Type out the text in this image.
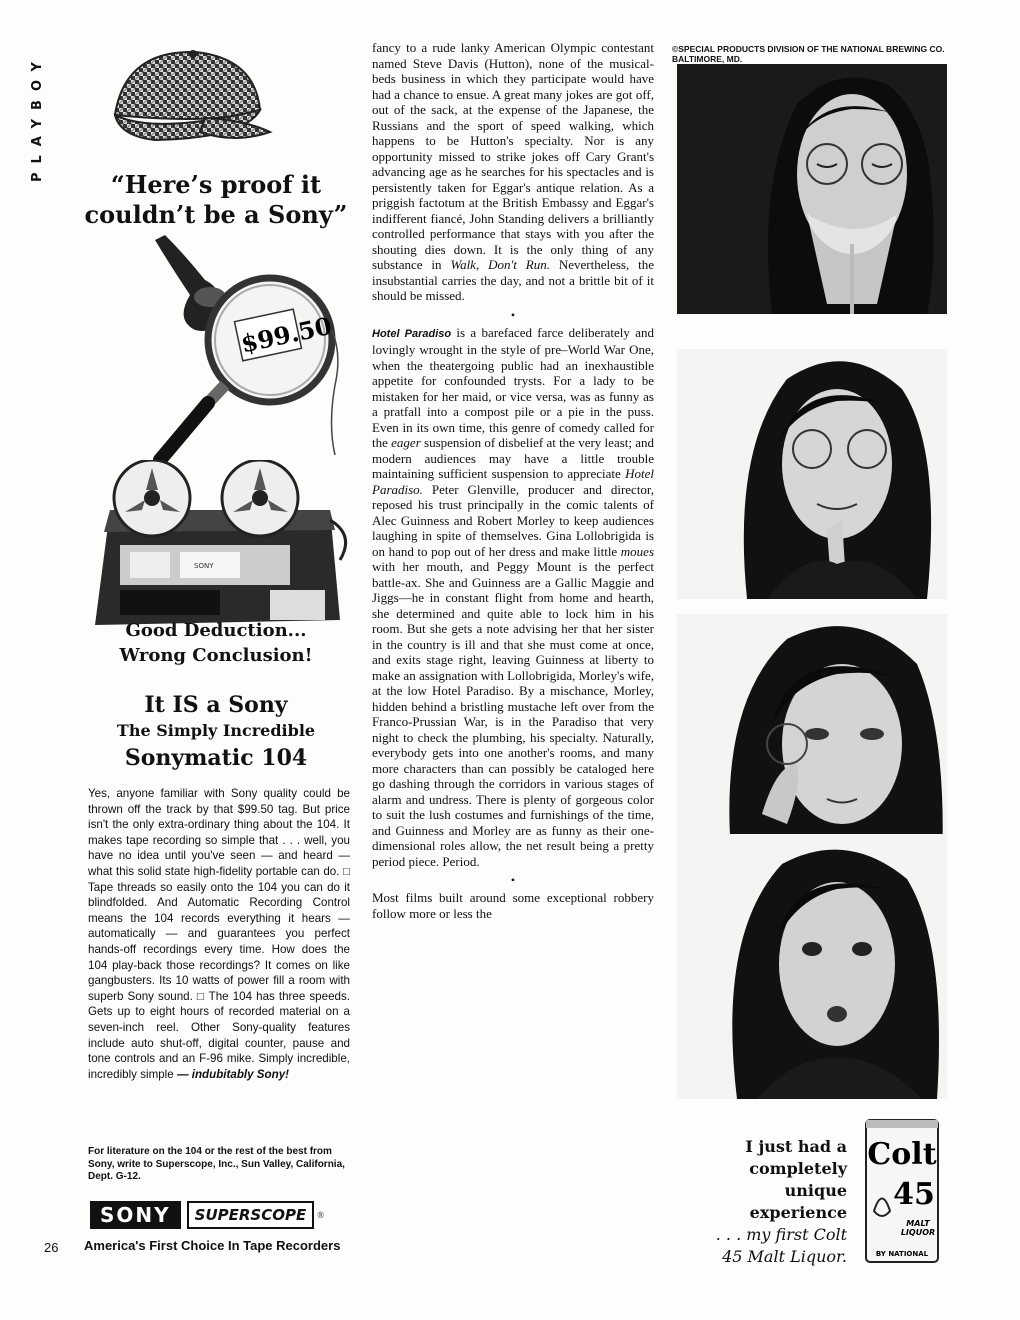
PLAYBOY
26
“Here’s proof it couldn’t be a Sony”
$99.50
SONY
Good Deduction...
Wrong Conclusion!
It IS a Sony
The Simply Incredible
Sonymatic 104
Yes, anyone familiar with Sony quality could be thrown off the track by that $99.50 tag. But price isn't the only extra-ordinary thing about the 104. It makes tape recording so simple that . . . well, you have no idea until you've seen — and heard — what this solid state high-fidelity portable can do. □ Tape threads so easily onto the 104 you can do it blindfolded. And Automatic Recording Control means the 104 records everything it hears — automatically — and guarantees you perfect hands-off recordings every time. How does the 104 play-back those recordings? It comes on like gangbusters. Its 10 watts of power fill a room with superb Sony sound. □ The 104 has three speeds. Gets up to eight hours of recorded material on a seven-inch reel. Other Sony-quality features include auto shut-off, digital counter, pause and tone controls and an F-96 mike. Simply incredible, incredibly simple — indubitably Sony!
For literature on the 104 or the rest of the best from Sony, write to Superscope, Inc., Sun Valley, California, Dept. G-12.
SONY	SUPERSCOPE	®
America's First Choice In Tape Recorders

fancy to a rude lanky American Olympic contestant named Steve Davis (Hutton), none of the musical-beds business in which they participate would have had a chance to ensue. A great many jokes are got off, out of the sack, at the expense of the Japanese, the Russians and the sport of speed walking, which happens to be Hutton's specialty. Nor is any opportunity missed to strike jokes off Cary Grant's advancing age as he searches for his spectacles and is persistently taken for Eggar's antique relation. As a priggish factotum at the British Embassy and Eggar's indifferent fiancé, John Standing delivers a brilliantly controlled performance that stays with you after the shouting dies down. It is the only thing of any substance in Walk, Don't Run. Nevertheless, the insubstantial carries the day, and not a brittle bit of it should be missed.

•

Hotel Paradiso is a barefaced farce deliberately and lovingly wrought in the style of pre–World War One, when the theatergoing public had an inexhaustible appetite for confounded trysts. For a lady to be mistaken for her maid, or vice versa, was as funny as a pratfall into a compost pile or a pie in the puss. Even in its own time, this genre of comedy called for the eager suspension of disbelief at the very least; and modern audiences may have a little trouble maintaining sufficient suspension to appreciate Hotel Paradiso. Peter Glenville, producer and director, reposed his trust principally in the comic talents of Alec Guinness and Robert Morley to keep audiences laughing in spite of themselves. Gina Lollobrigida is on hand to pop out of her dress and make little moues with her mouth, and Peggy Mount is the perfect battle-ax. She and Guinness are a Gallic Maggie and Jiggs—he in constant flight from home and hearth, she determined and quite able to lock him in his room. But she gets a note advising her that her sister in the country is ill and that she must come at once, and exits stage right, leaving Guinness at liberty to make an assignation with Lollobrigida, Morley's wife, at the low Hotel Paradiso. By a mischance, Morley, hidden behind a bristling mustache left over from the Franco-Prussian War, is in the Paradiso that very night to check the plumbing, his specialty. Naturally, everybody gets into one another's rooms, and many more characters than can possibly be cataloged here go dashing through the corridors in various stages of alarm and undress. There is plenty of gorgeous color to suit the lush costumes and furnishings of the time, and Guinness and Morley are as funny as their one-dimensional roles allow, the net result being a pretty period piece. Period.

•

Most films built around some exceptional robbery follow more or less the

©SPECIAL PRODUCTS DIVISION OF THE NATIONAL BREWING CO. BALTIMORE, MD.
I just had a completely unique experience
. . . my first Colt 45 Malt Liquor.
Colt
45
MALT
LIQUOR
BY NATIONAL
